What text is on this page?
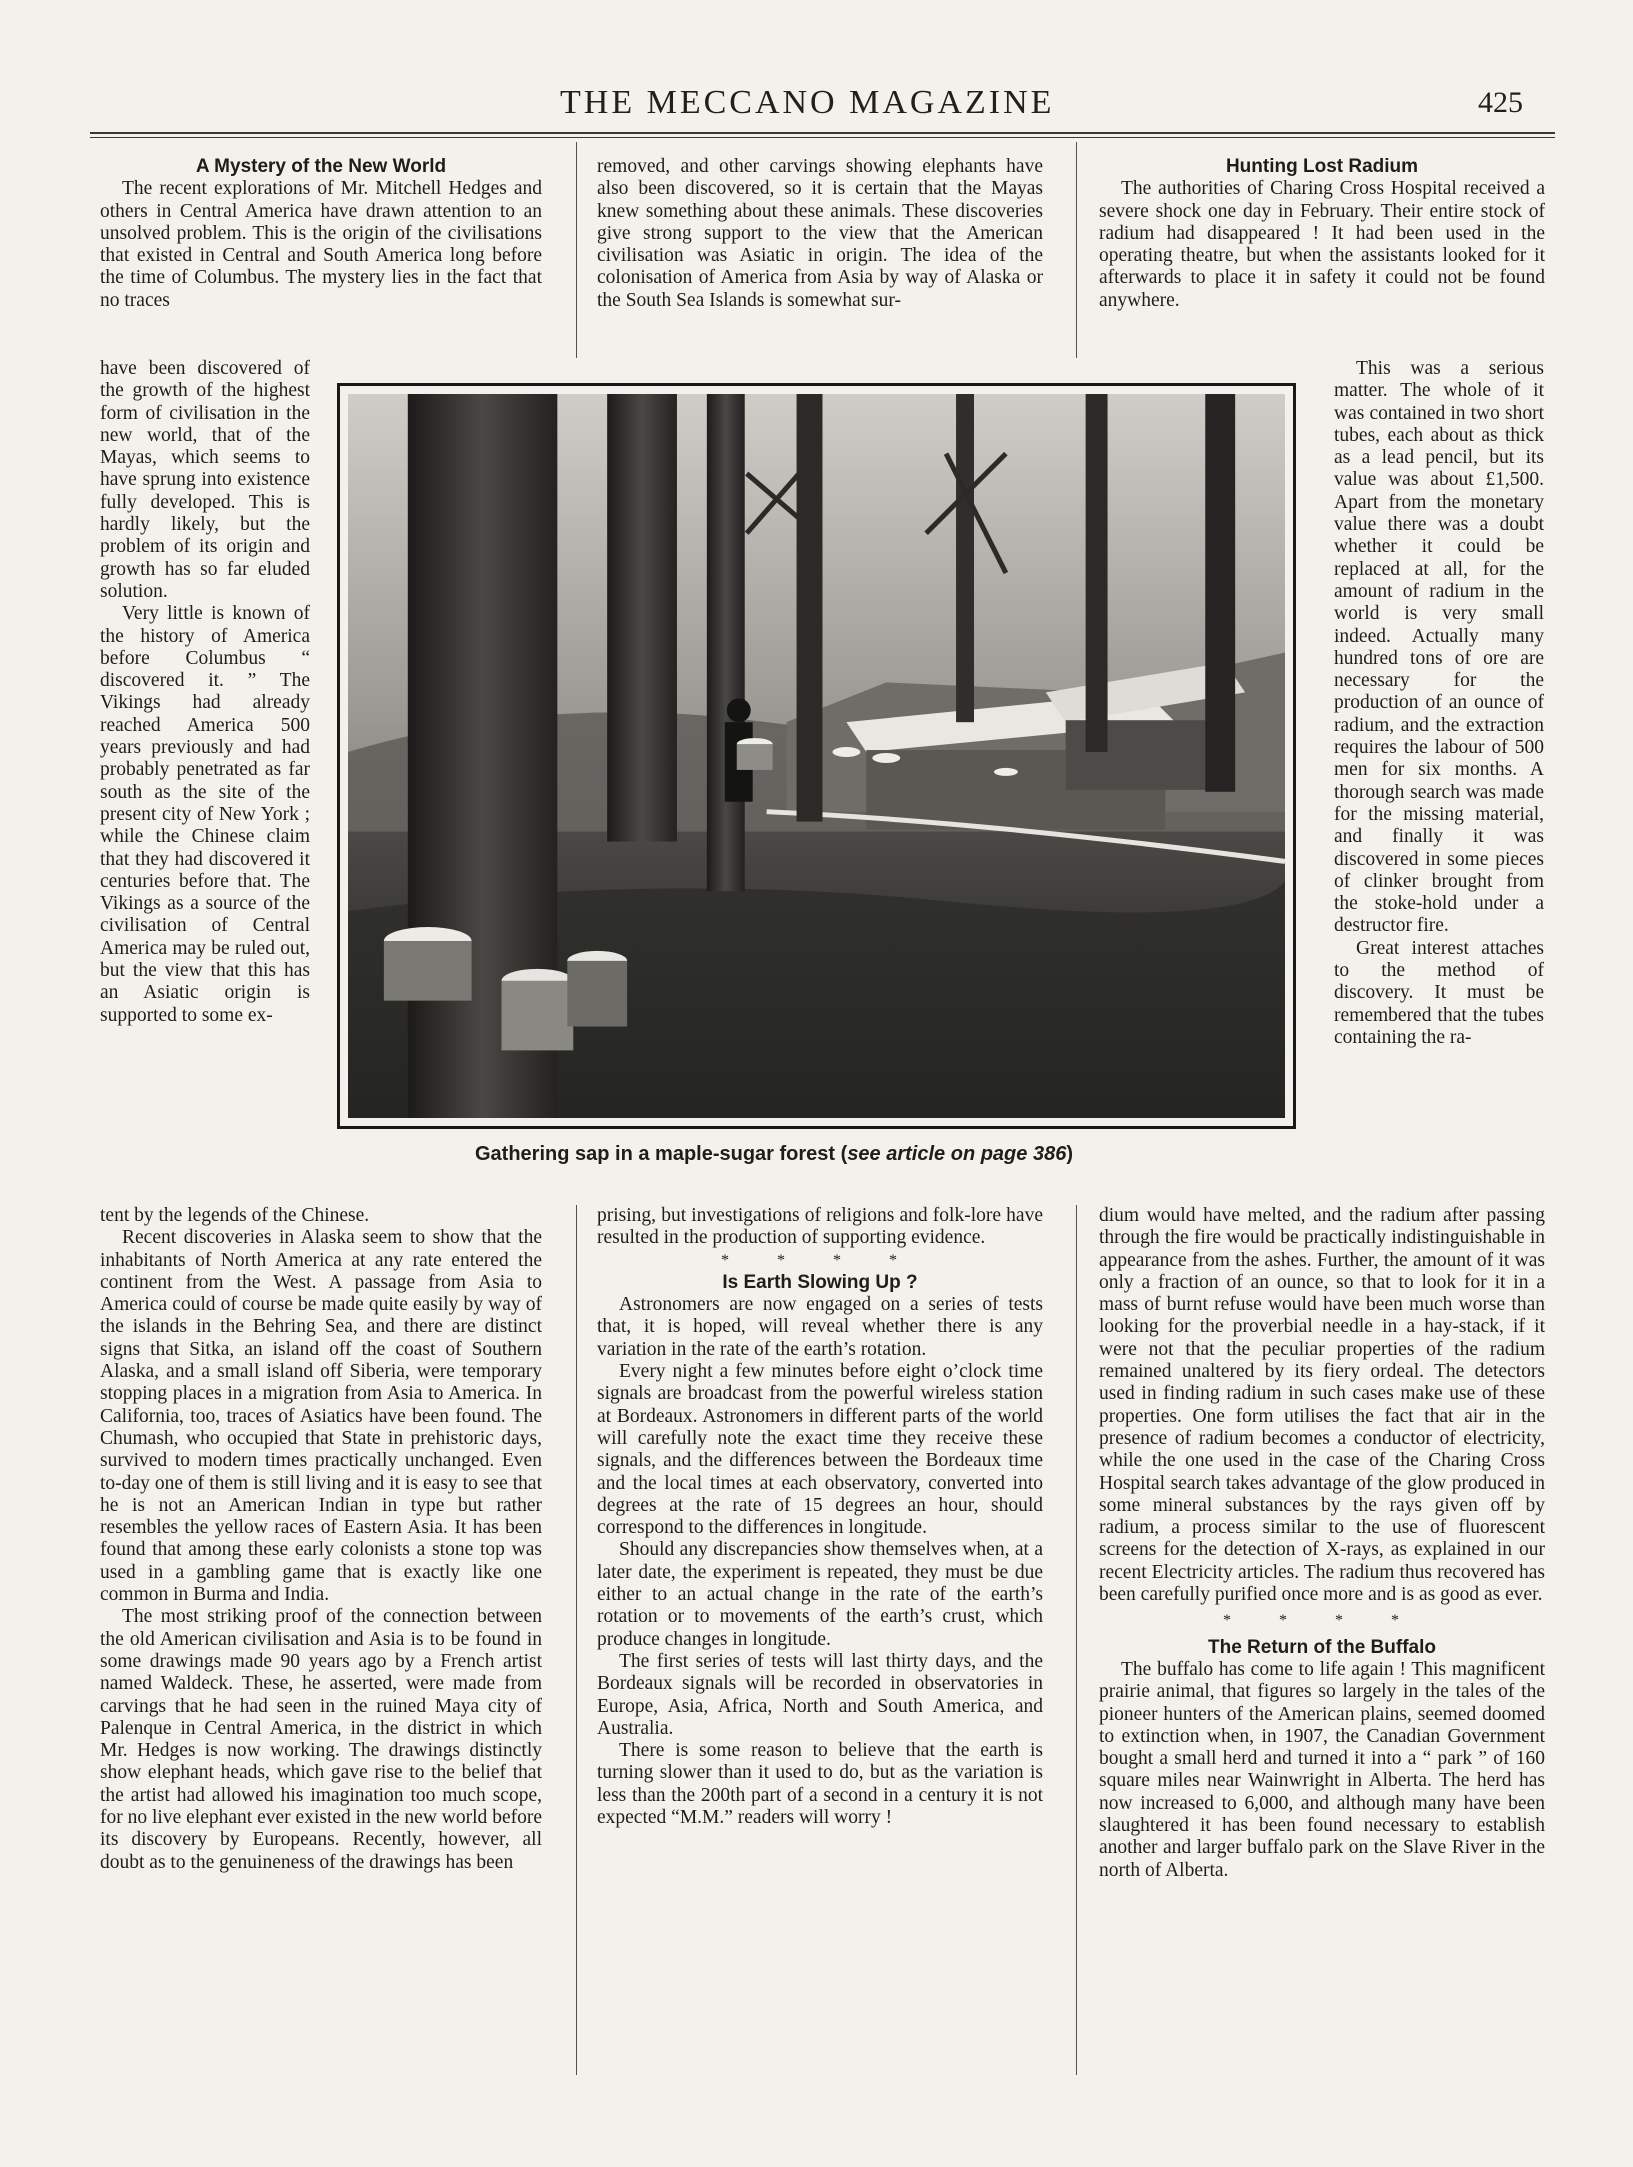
THE MECCANO MAGAZINE	425

A Mystery of the New World

The recent explorations of Mr. Mitchell Hedges and others in Central America have drawn attention to an unsolved problem. This is the origin of the civilisations that existed in Central and South America long before the time of Columbus. The mystery lies in the fact that no traces

have been discovered of the growth of the highest form of civilisation in the new world, that of the Mayas, which seems to have sprung into existence fully developed. This is hardly likely, but the problem of its origin and growth has so far eluded solution.

Very little is known of the history of America before Columbus “ discovered it. ” The Vikings had already reached America 500 years previously and had probably penetrated as far south as the site of the present city of New York ; while the Chinese claim that they had discovered it centuries before that. The Vikings as a source of the civilisation of Central America may be ruled out, but the view that this has an Asiatic origin is supported to some ex-

tent by the legends of the Chinese.

Recent discoveries in Alaska seem to show that the inhabitants of North America at any rate entered the continent from the West. A passage from Asia to America could of course be made quite easily by way of the islands in the Behring Sea, and there are distinct signs that Sitka, an island off the coast of Southern Alaska, and a small island off Siberia, were temporary stopping places in a migration from Asia to America. In California, too, traces of Asiatics have been found. The Chumash, who occupied that State in prehistoric days, survived to modern times practically unchanged. Even to-day one of them is still living and it is easy to see that he is not an American Indian in type but rather resembles the yellow races of Eastern Asia. It has been found that among these early colonists a stone top was used in a gambling game that is exactly like one common in Burma and India.

The most striking proof of the connection between the old American civilisation and Asia is to be found in some drawings made 90 years ago by a French artist named Waldeck. These, he asserted, were made from carvings that he had seen in the ruined Maya city of Palenque in Central America, in the district in which Mr. Hedges is now working. The drawings distinctly show elephant heads, which gave rise to the belief that the artist had allowed his imagination too much scope, for no live elephant ever existed in the new world before its discovery by Europeans. Recently, however, all doubt as to the genuineness of the drawings has been

removed, and other carvings showing elephants have also been discovered, so it is certain that the Mayas knew something about these animals. These discoveries give strong support to the view that the American civilisation was Asiatic in origin. The idea of the colonisation of America from Asia by way of Alaska or the South Sea Islands is somewhat sur-

prising, but investigations of religions and folk-lore have resulted in the production of supporting evidence.

* * * *

Is Earth Slowing Up ?

Astronomers are now engaged on a series of tests that, it is hoped, will reveal whether there is any variation in the rate of the earth’s rotation.

Every night a few minutes before eight o’clock time signals are broadcast from the powerful wireless station at Bordeaux. Astronomers in different parts of the world will carefully note the exact time they receive these signals, and the differences between the Bordeaux time and the local times at each observatory, converted into degrees at the rate of 15 degrees an hour, should correspond to the differences in longitude.

Should any discrepancies show themselves when, at a later date, the experiment is repeated, they must be due either to an actual change in the rate of the earth’s rotation or to movements of the earth’s crust, which produce changes in longitude.

The first series of tests will last thirty days, and the Bordeaux signals will be recorded in observatories in Europe, Asia, Africa, North and South America, and Australia.

There is some reason to believe that the earth is turning slower than it used to do, but as the variation is less than the 200th part of a second in a century it is not expected “M.M.” readers will worry !

Hunting Lost Radium

The authorities of Charing Cross Hospital received a severe shock one day in February. Their entire stock of radium had disappeared ! It had been used in the operating theatre, but when the assistants looked for it afterwards to place it in safety it could not be found anywhere.

This was a serious matter. The whole of it was contained in two short tubes, each about as thick as a lead pencil, but its value was about £1,500. Apart from the monetary value there was a doubt whether it could be replaced at all, for the amount of radium in the world is very small indeed. Actually many hundred tons of ore are necessary for the production of an ounce of radium, and the extraction requires the labour of 500 men for six months. A thorough search was made for the missing material, and finally it was discovered in some pieces of clinker brought from the stoke-hold under a destructor fire.

Great interest attaches to the method of discovery. It must be remembered that the tubes containing the ra-

dium would have melted, and the radium after passing through the fire would be practically indistinguishable in appearance from the ashes. Further, the amount of it was only a fraction of an ounce, so that to look for it in a mass of burnt refuse would have been much worse than looking for the proverbial needle in a hay-stack, if it were not that the peculiar properties of the radium remained unaltered by its fiery ordeal. The detectors used in finding radium in such cases make use of these properties. One form utilises the fact that air in the presence of radium becomes a conductor of electricity, while the one used in the case of the Charing Cross Hospital search takes advantage of the glow produced in some mineral substances by the rays given off by radium, a process similar to the use of fluorescent screens for the detection of X-rays, as explained in our recent Electricity articles. The radium thus recovered has been carefully purified once more and is as good as ever.

* * * *

The Return of the Buffalo

The buffalo has come to life again ! This magnificent prairie animal, that figures so largely in the tales of the pioneer hunters of the American plains, seemed doomed to extinction when, in 1907, the Canadian Government bought a small herd and turned it into a “ park ” of 160 square miles near Wainwright in Alberta. The herd has now increased to 6,000, and although many have been slaughtered it has been found necessary to establish another and larger buffalo park on the Slave River in the north of Alberta.

Gathering sap in a maple-sugar forest (see article on page 386)
